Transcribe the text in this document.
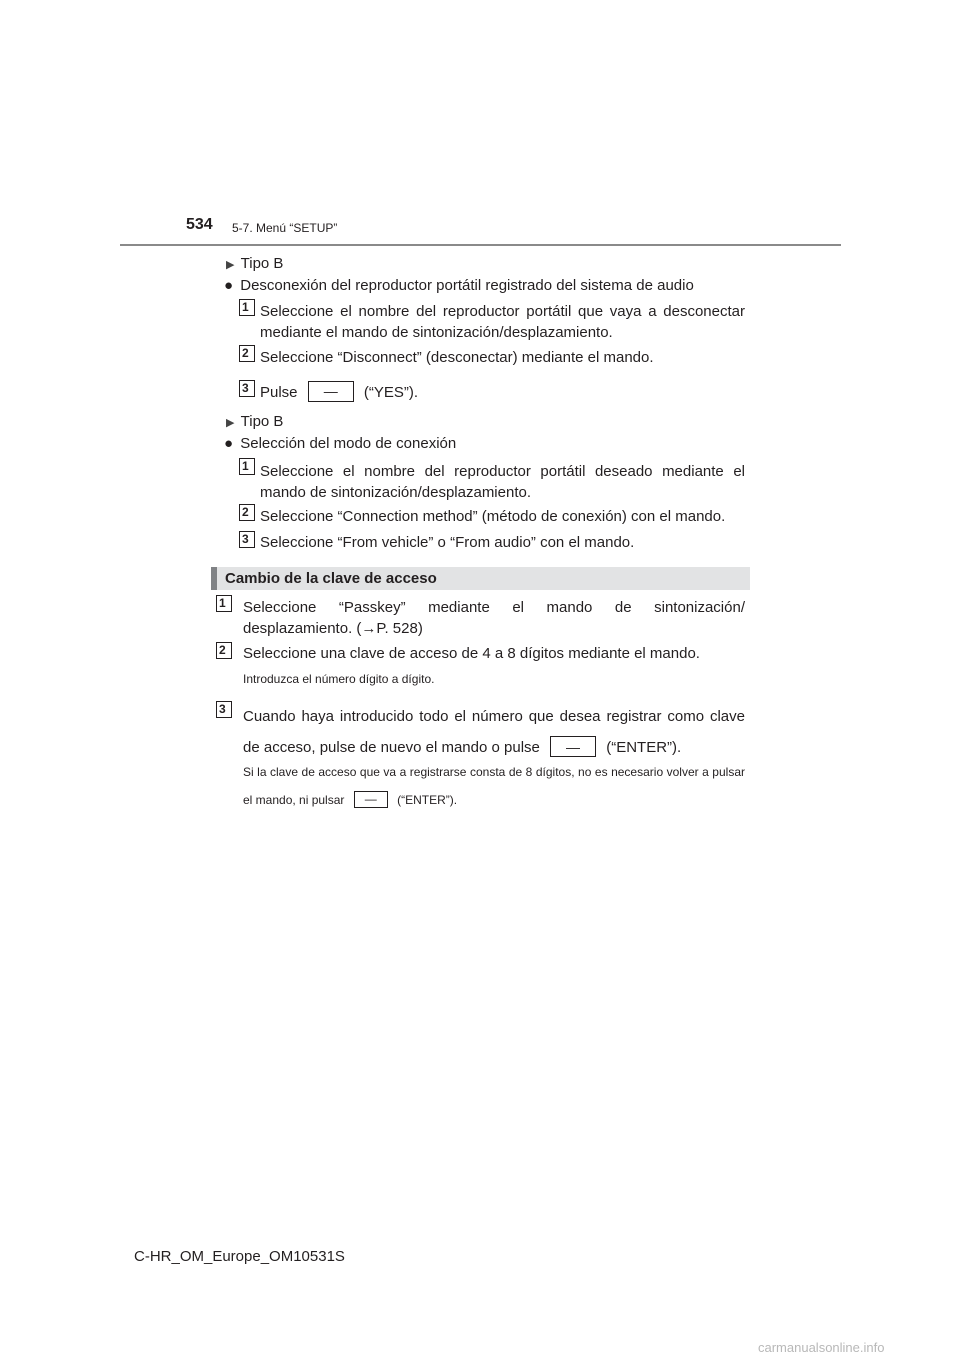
534 5-7. Menú “SETUP”
▶ Tipo B
● Desconexión del reproductor portátil registrado del sistema de audio
1 Seleccione el nombre del reproductor portátil que vaya a desconectar mediante el mando de sintonización/desplazamiento.
2 Seleccione “Disconnect” (desconectar) mediante el mando.
3 Pulse — (“YES”).
▶ Tipo B
● Selección del modo de conexión
1 Seleccione el nombre del reproductor portátil deseado mediante el mando de sintonización/desplazamiento.
2 Seleccione “Connection method” (método de conexión) con el mando.
3 Seleccione “From vehicle” o “From audio” con el mando.
Cambio de la clave de acceso
1	Seleccione “Passkey” mediante el mando de sintonización/ desplazamiento. (→P. 528)
2	Seleccione una clave de acceso de 4 a 8 dígitos mediante el mando.
Introduzca el número dígito a dígito.
3	Cuando haya introducido todo el número que desea registrar como clave de acceso, pulse de nuevo el mando o pulse — (“ENTER”).
Si la clave de acceso que va a registrarse consta de 8 dígitos, no es necesario volver a pulsar el mando, ni pulsar — (“ENTER”).
C-HR_OM_Europe_OM10531S
carmanualsonline.info
